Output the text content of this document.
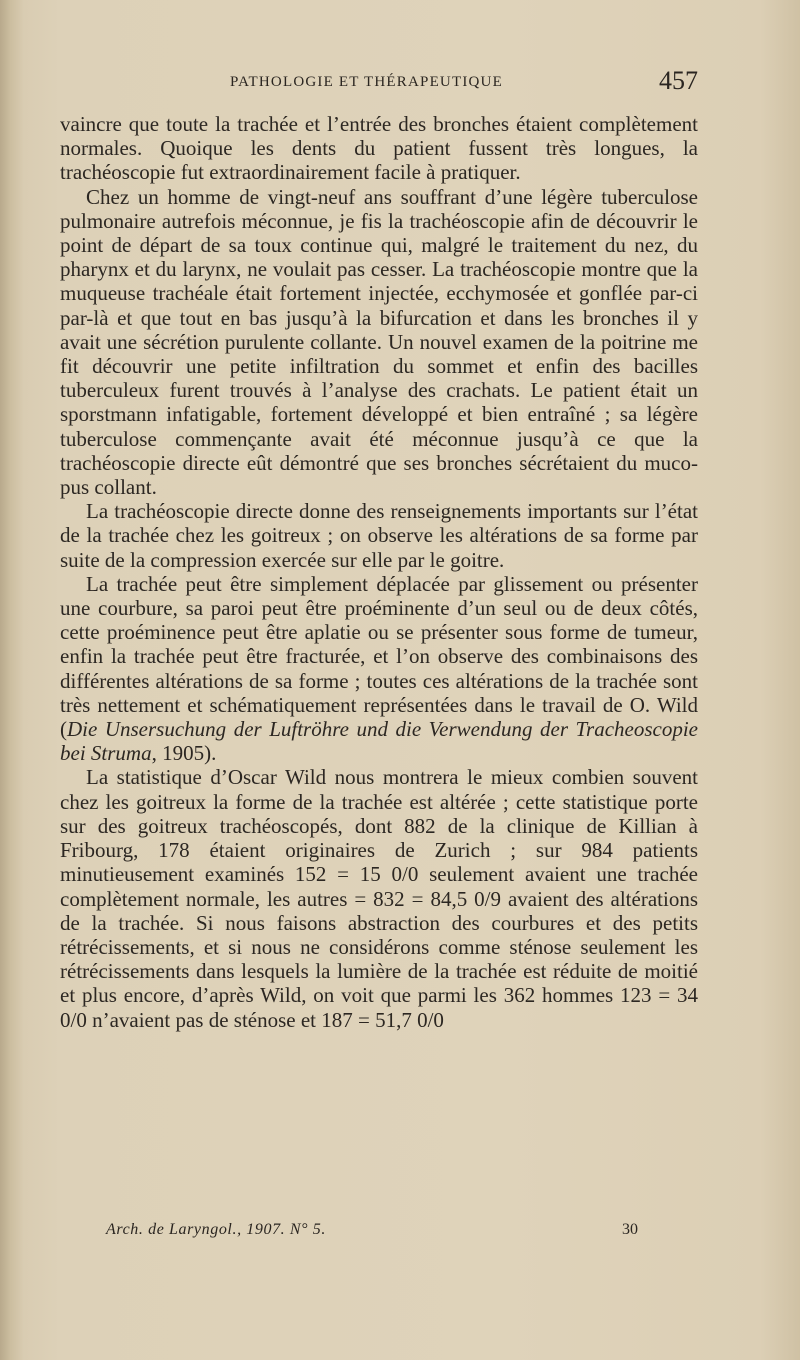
PATHOLOGIE ET THÉRAPEUTIQUE	457

vaincre que toute la trachée et l’entrée des bronches étaient complètement normales. Quoique les dents du patient fussent très longues, la trachéoscopie fut extraordinairement facile à pratiquer.

Chez un homme de vingt-neuf ans souffrant d’une légère tuberculose pulmonaire autrefois méconnue, je fis la trachéoscopie afin de découvrir le point de départ de sa toux continue qui, malgré le traitement du nez, du pharynx et du larynx, ne voulait pas cesser. La trachéoscopie montre que la muqueuse trachéale était fortement injectée, ecchymosée et gonflée par-ci par-là et que tout en bas jusqu’à la bifurcation et dans les bronches il y avait une sécrétion purulente collante. Un nouvel examen de la poitrine me fit découvrir une petite infiltration du sommet et enfin des bacilles tuberculeux furent trouvés à l’analyse des crachats. Le patient était un sporstmann infatigable, fortement développé et bien entraîné ; sa légère tuberculose commençante avait été méconnue jusqu’à ce que la trachéoscopie directe eût démontré que ses bronches sécrétaient du muco-pus collant.

La trachéoscopie directe donne des renseignements importants sur l’état de la trachée chez les goitreux ; on observe les altérations de sa forme par suite de la compression exercée sur elle par le goitre.

La trachée peut être simplement déplacée par glissement ou présenter une courbure, sa paroi peut être proéminente d’un seul ou de deux côtés, cette proéminence peut être aplatie ou se présenter sous forme de tumeur, enfin la trachée peut être fracturée, et l’on observe des combinaisons des différentes altérations de sa forme ; toutes ces altérations de la trachée sont très nettement et schématiquement représentées dans le travail de O. Wild (Die Unsersuchung der Luftröhre und die Verwendung der Tracheoscopie bei Struma, 1905).

La statistique d’Oscar Wild nous montrera le mieux combien souvent chez les goitreux la forme de la trachée est altérée ; cette statistique porte sur des goitreux trachéoscopés, dont 882 de la clinique de Killian à Fribourg, 178 étaient originaires de Zurich ; sur 984 patients minutieusement examinés 152 = 15 0/0 seulement avaient une trachée complètement normale, les autres = 832 = 84,5 0/9 avaient des altérations de la trachée. Si nous faisons abstraction des courbures et des petits rétrécissements, et si nous ne considérons comme sténose seulement les rétrécissements dans lesquels la lumière de la trachée est réduite de moitié et plus encore, d’après Wild, on voit que parmi les 362 hommes 123 = 34 0/0 n’avaient pas de sténose et 187 = 51,7 0/0

Arch. de Laryngol., 1907. N° 5.	30
